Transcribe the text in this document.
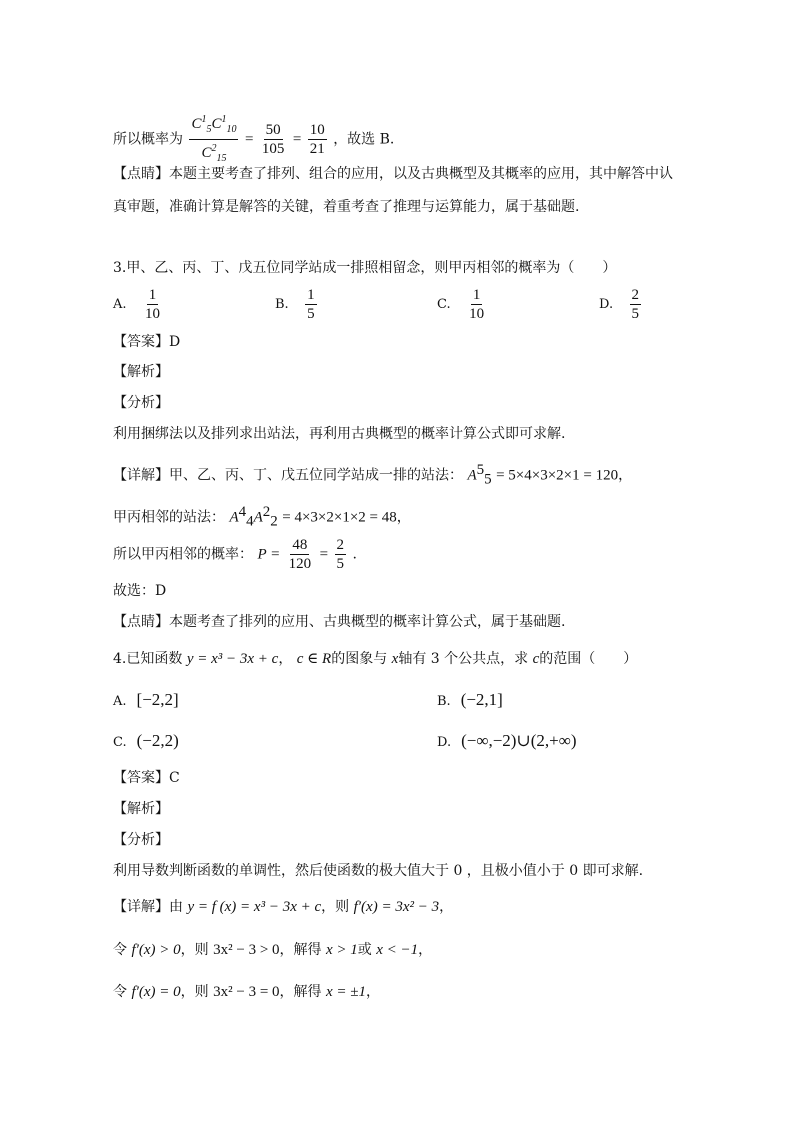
所以概率为 $\frac{C^1_5C^1_{10}}{C^2_{15}} = \frac{50}{105} = \frac{10}{21}$ ，故选 B.
【点睛】本题主要考查了排列、组合的应用，以及古典概型及其概率的应用，其中解答中认
真审题，准确计算是解答的关键，着重考查了推理与运算能力，属于基础题.
3.甲、乙、丙、丁、戊五位同学站成一排照相留念，则甲丙相邻的概率为（　　）
A. $\frac{1}{10}$	B. $\frac{1}{5}$	C. $\frac{1}{10}$	D. $\frac{2}{5}$
【答案】D
【解析】
【分析】
利用捆绑法以及排列求出站法，再利用古典概型的概率计算公式即可求解.
【详解】甲、乙、丙、丁、戊五位同学站成一排的站法： $A^5_5 = 5\times 4\times 3\times 2\times 1 = 120$，
甲丙相邻的站法： $A^4_4A^2_2 = 4\times 3\times 2\times 1\times 2 = 48$，
所以甲丙相邻的概率： $P = \frac{48}{120} = \frac{2}{5}$ .
故选：D
【点睛】本题考查了排列的应用、古典概型的概率计算公式，属于基础题.
4.已知函数 y = x³ − 3x + c， c ∈ R的图象与 x轴有 3 个公共点，求 c的范围（　　）
A. [−2,2]	B. (−2,1]
C. (−2,2)	D. (−∞,−2)∪(2,+∞)
【答案】C
【解析】
【分析】
利用导数判断函数的单调性，然后使函数的极大值大于 0 ，且极小值小于 0 即可求解.
【详解】由 y = f (x) = x³ − 3x + c，则 f′(x) = 3x² − 3，
令 f′(x) > 0，则 3x² − 3 > 0，解得 x > 1或 x < −1，
令 f′(x) = 0，则 3x² − 3 = 0，解得 x = ±1，
